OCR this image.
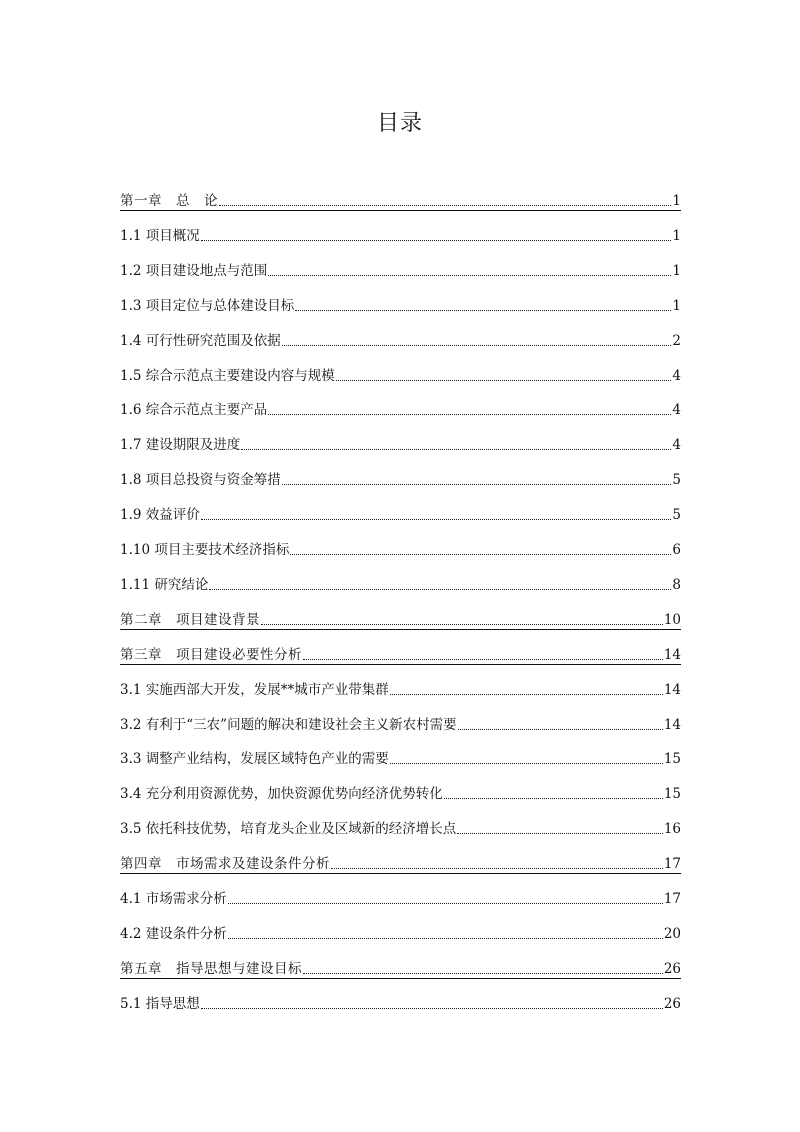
目录
第一章　总　论	1
1.1 项目概况	1
1.2 项目建设地点与范围	1
1.3 项目定位与总体建设目标	1
1.4 可行性研究范围及依据	2
1.5 综合示范点主要建设内容与规模	4
1.6 综合示范点主要产品	4
1.7 建设期限及进度	4
1.8 项目总投资与资金筹措	5
1.9 效益评价	5
1.10 项目主要技术经济指标	6
1.11 研究结论	8
第二章　项目建设背景	10
第三章　项目建设必要性分析	14
3.1 实施西部大开发，发展**城市产业带集群	14
3.2 有利于“三农”问题的解决和建设社会主义新农村需要	14
3.3 调整产业结构，发展区域特色产业的需要	15
3.4 充分利用资源优势，加快资源优势向经济优势转化	15
3.5 依托科技优势，培育龙头企业及区域新的经济增长点	16
第四章　市场需求及建设条件分析	17
4.1 市场需求分析	17
4.2 建设条件分析	20
第五章　指导思想与建设目标	26
5.1 指导思想	26
